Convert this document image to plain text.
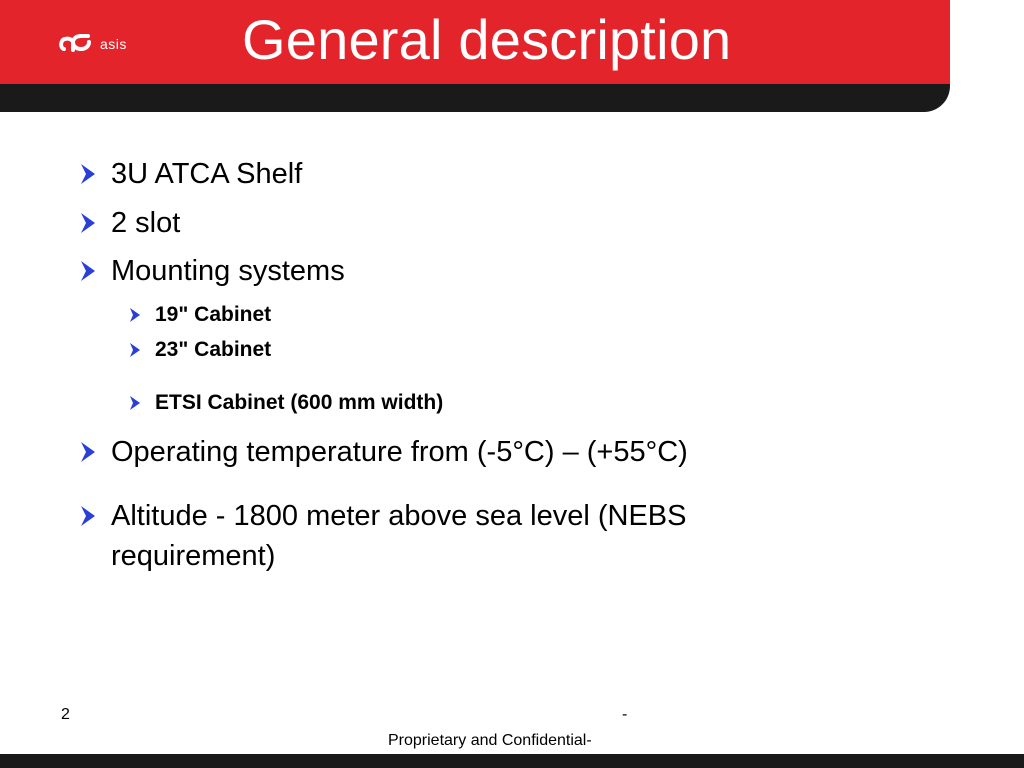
asis General description
3U ATCA Shelf
2 slot
Mounting systems
19" Cabinet
23" Cabinet
ETSI Cabinet (600 mm width)
Operating temperature from (-5°C) – (+55°C)
Altitude - 1800 meter above sea level (NEBS requirement)
2	-
Proprietary and Confidential-
